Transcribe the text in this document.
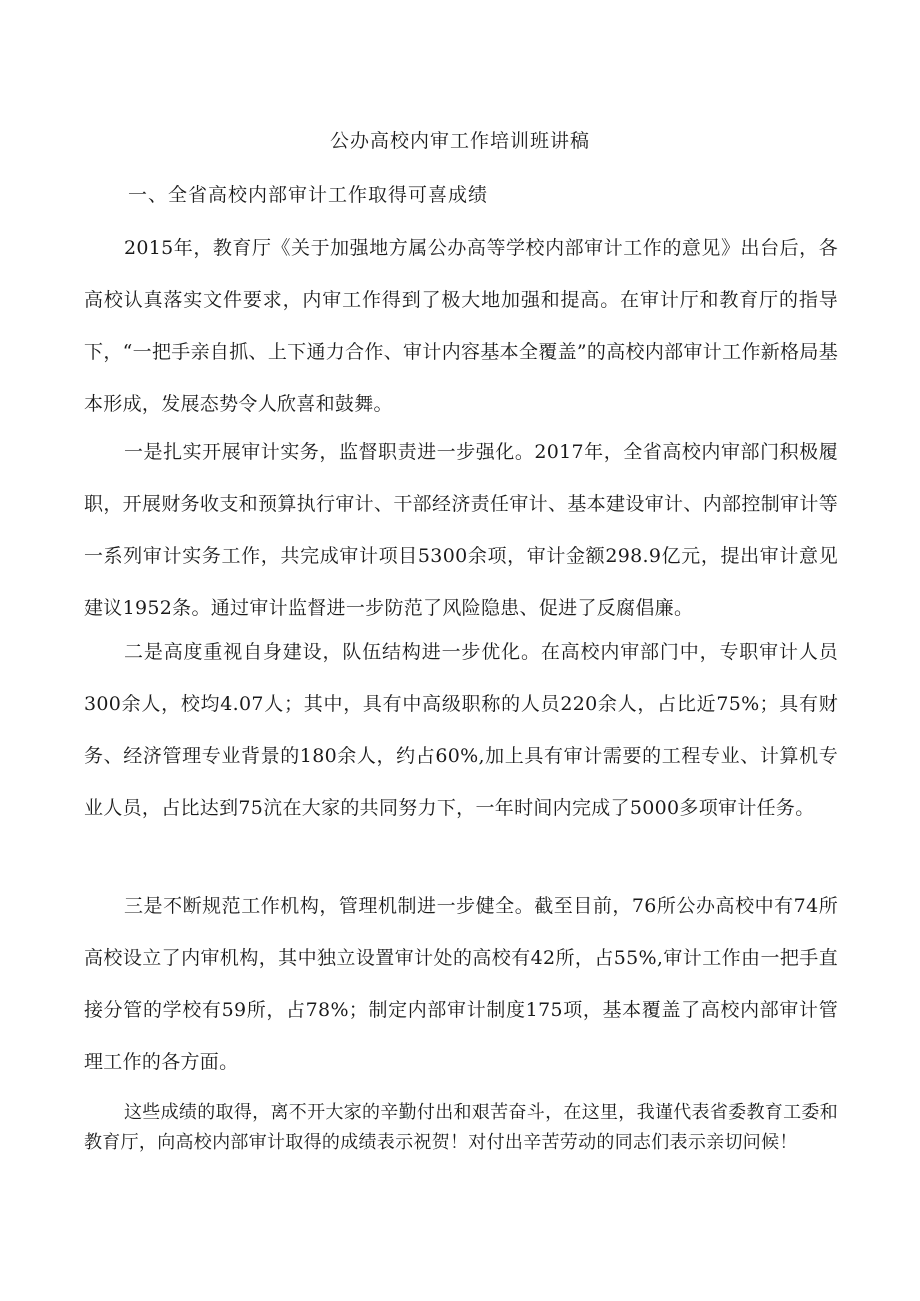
公办高校内审工作培训班讲稿
一、全省高校内部审计工作取得可喜成绩

2015年，教育厅《关于加强地方属公办高等学校内部审计工作的意见》出台后，各高校认真落实文件要求，内审工作得到了极大地加强和提高。在审计厅和教育厅的指导下，“一把手亲自抓、上下通力合作、审计内容基本全覆盖”的高校内部审计工作新格局基本形成，发展态势令人欣喜和鼓舞。

一是扎实开展审计实务，监督职责进一步强化。2017年，全省高校内审部门积极履职，开展财务收支和预算执行审计、干部经济责任审计、基本建设审计、内部控制审计等一系列审计实务工作，共完成审计项目5300余项，审计金额298.9亿元，提出审计意见建议1952条。通过审计监督进一步防范了风险隐患、促进了反腐倡廉。

二是高度重视自身建设，队伍结构进一步优化。在高校内审部门中，专职审计人员300余人，校均4.07人；其中，具有中高级职称的人员220余人，占比近75%；具有财务、经济管理专业背景的180余人，约占60%,加上具有审计需要的工程专业、计算机专业人员，占比达到75沆在大家的共同努力下，一年时间内完成了5000多项审计任务。

三是不断规范工作机构，管理机制进一步健全。截至目前，76所公办高校中有74所高校设立了内审机构，其中独立设置审计处的高校有42所，占55%,审计工作由一把手直接分管的学校有59所，占78%；制定内部审计制度175项，基本覆盖了高校内部审计管理工作的各方面。

这些成绩的取得，离不开大家的辛勤付出和艰苦奋斗，在这里，我谨代表省委教育工委和教育厅，向高校内部审计取得的成绩表示祝贺！对付出辛苦劳动的同志们表示亲切问候！
